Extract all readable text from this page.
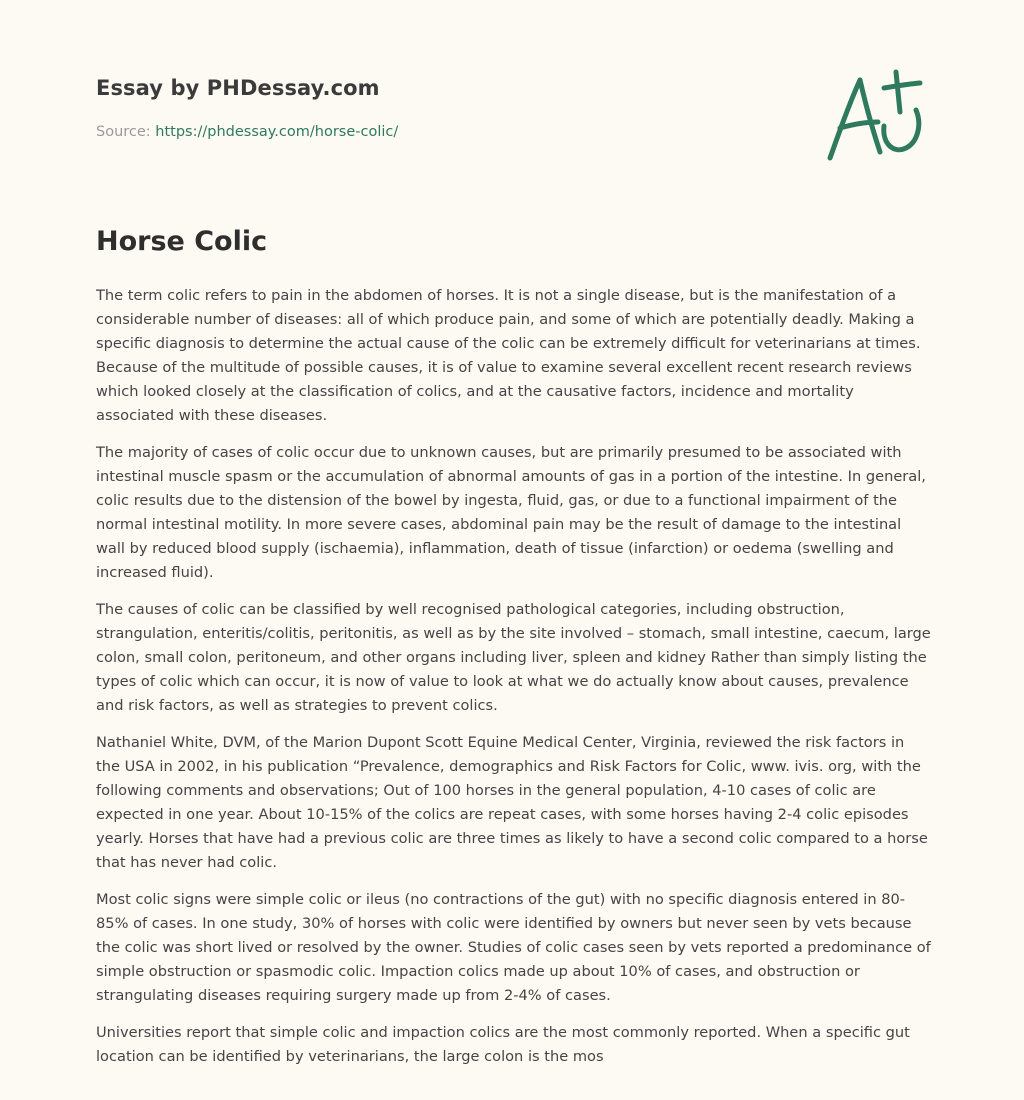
Essay by PHDessay.com
Source: https://phdessay.com/horse-colic/
Horse Colic

The term colic refers to pain in the abdomen of horses. It is not a single disease, but is the manifestation of a considerable number of diseases: all of which produce pain, and some of which are potentially deadly. Making a specific diagnosis to determine the actual cause of the colic can be extremely difficult for veterinarians at times. Because of the multitude of possible causes, it is of value to examine several excellent recent research reviews which looked closely at the classification of colics, and at the causative factors, incidence and mortality associated with these diseases.

The majority of cases of colic occur due to unknown causes, but are primarily presumed to be associated with intestinal muscle spasm or the accumulation of abnormal amounts of gas in a portion of the intestine. In general, colic results due to the distension of the bowel by ingesta, fluid, gas, or due to a functional impairment of the normal intestinal motility. In more severe cases, abdominal pain may be the result of damage to the intestinal wall by reduced blood supply (ischaemia), inflammation, death of tissue (infarction) or oedema (swelling and increased fluid).

The causes of colic can be classified by well recognised pathological categories, including obstruction, strangulation, enteritis/colitis, peritonitis, as well as by the site involved – stomach, small intestine, caecum, large colon, small colon, peritoneum, and other organs including liver, spleen and kidney Rather than simply listing the types of colic which can occur, it is now of value to look at what we do actually know about causes, prevalence and risk factors, as well as strategies to prevent colics.

Nathaniel White, DVM, of the Marion Dupont Scott Equine Medical Center, Virginia, reviewed the risk factors in the USA in 2002, in his publication “Prevalence, demographics and Risk Factors for Colic, www. ivis. org, with the following comments and observations; Out of 100 horses in the general population, 4-10 cases of colic are expected in one year. About 10-15% of the colics are repeat cases, with some horses having 2-4 colic episodes yearly. Horses that have had a previous colic are three times as likely to have a second colic compared to a horse that has never had colic.

Most colic signs were simple colic or ileus (no contractions of the gut) with no specific diagnosis entered in 80-85% of cases. In one study, 30% of horses with colic were identified by owners but never seen by vets because the colic was short lived or resolved by the owner. Studies of colic cases seen by vets reported a predominance of simple obstruction or spasmodic colic. Impaction colics made up about 10% of cases, and obstruction or strangulating diseases requiring surgery made up from 2-4% of cases.

Universities report that simple colic and impaction colics are the most commonly reported. When a specific gut location can be identified by veterinarians, the large colon is the mos
